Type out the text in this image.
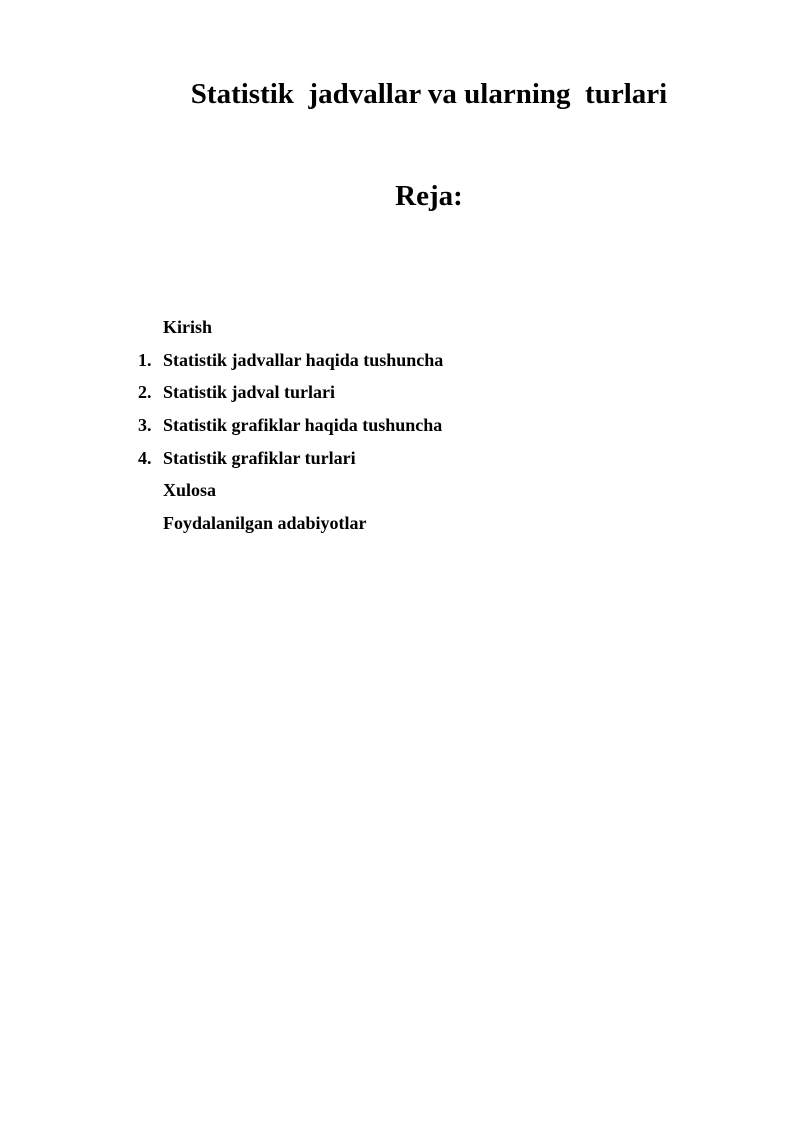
Statistik  jadvallar va ularning  turlari
Reja:
Kirish
1. Statistik jadvallar haqida tushuncha
2. Statistik jadval turlari
3. Statistik grafiklar haqida tushuncha
4. Statistik grafiklar turlari
Xulosa
Foydalanilgan adabiyotlar
